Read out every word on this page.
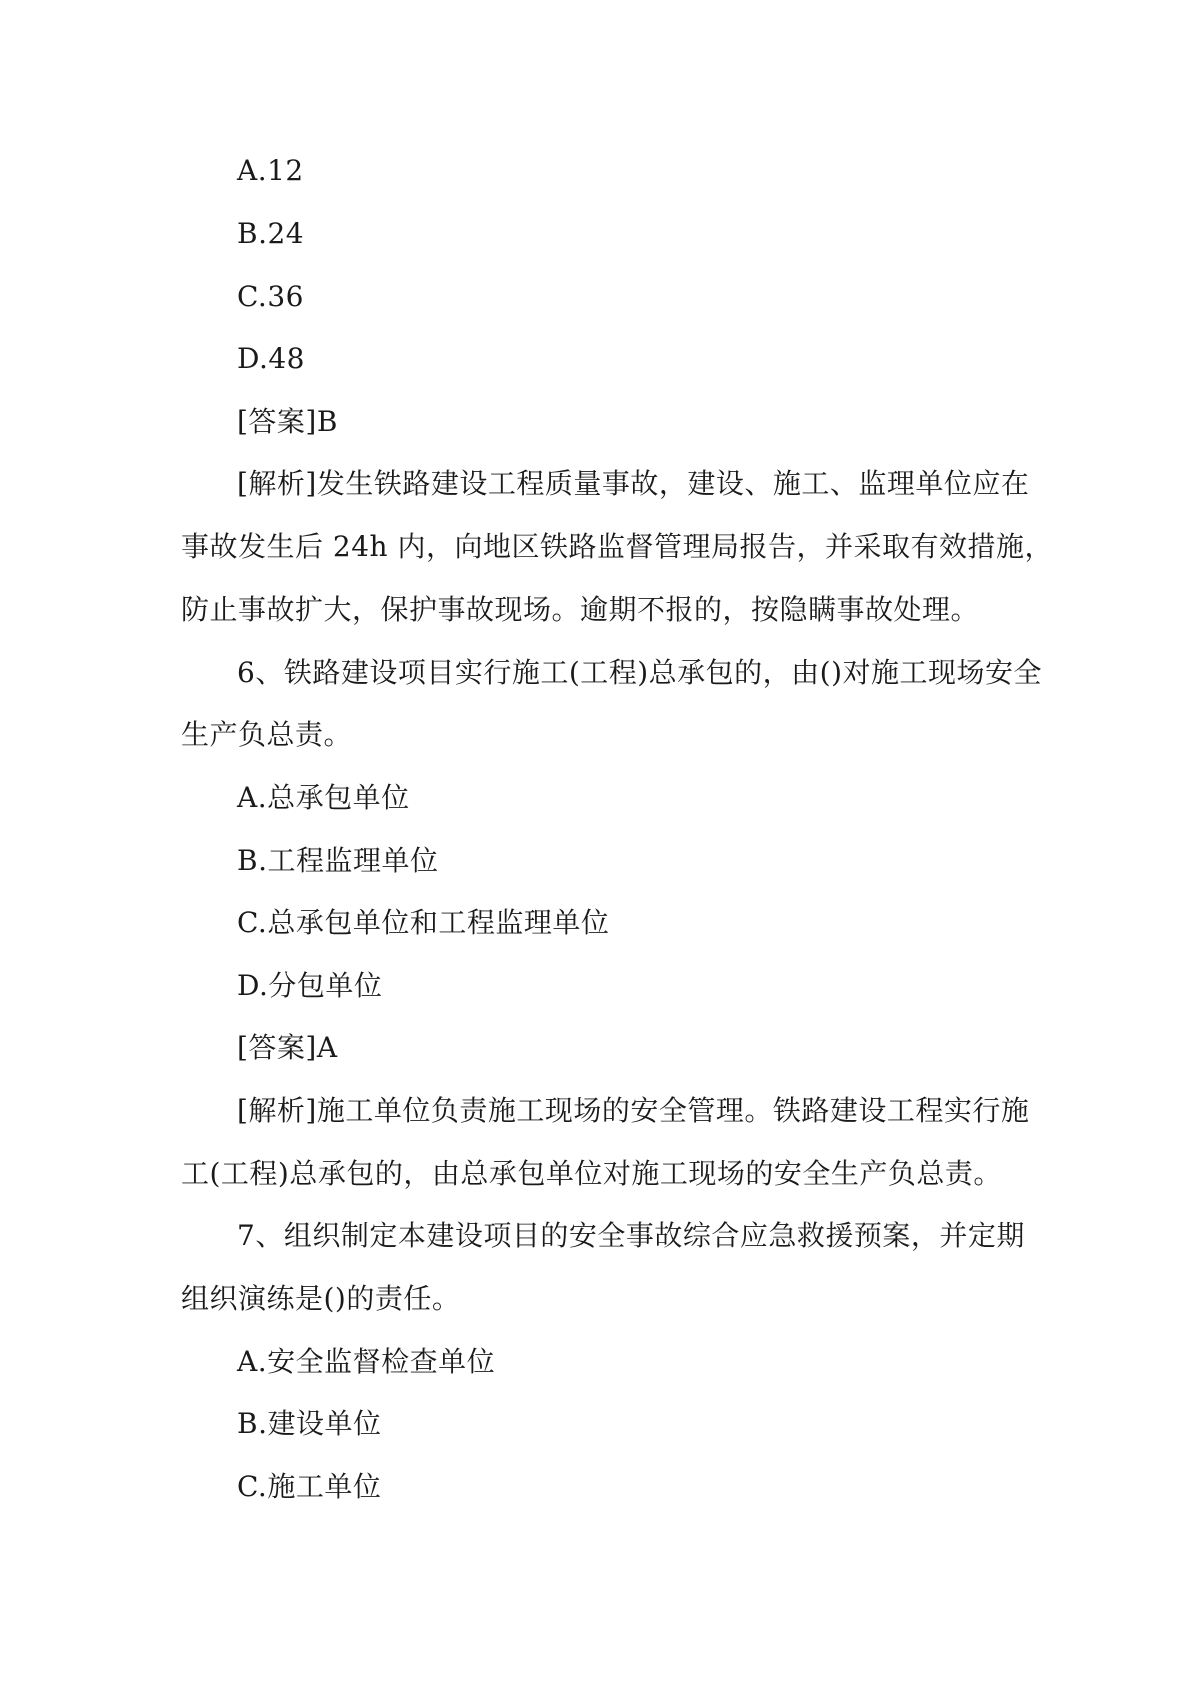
A.12

B.24

C.36

D.48

[答案]B

[解析]发生铁路建设工程质量事故，建设、施工、监理单位应在

事故发生后 24h 内，向地区铁路监督管理局报告，并采取有效措施，

防止事故扩大，保护事故现场。逾期不报的，按隐瞒事故处理。

6、铁路建设项目实行施工(工程)总承包的，由()对施工现场安全

生产负总责。

A.总承包单位

B.工程监理单位

C.总承包单位和工程监理单位

D.分包单位

[答案]A

[解析]施工单位负责施工现场的安全管理。铁路建设工程实行施

工(工程)总承包的，由总承包单位对施工现场的安全生产负总责。

7、组织制定本建设项目的安全事故综合应急救援预案，并定期

组织演练是()的责任。

A.安全监督检查单位

B.建设单位

C.施工单位
